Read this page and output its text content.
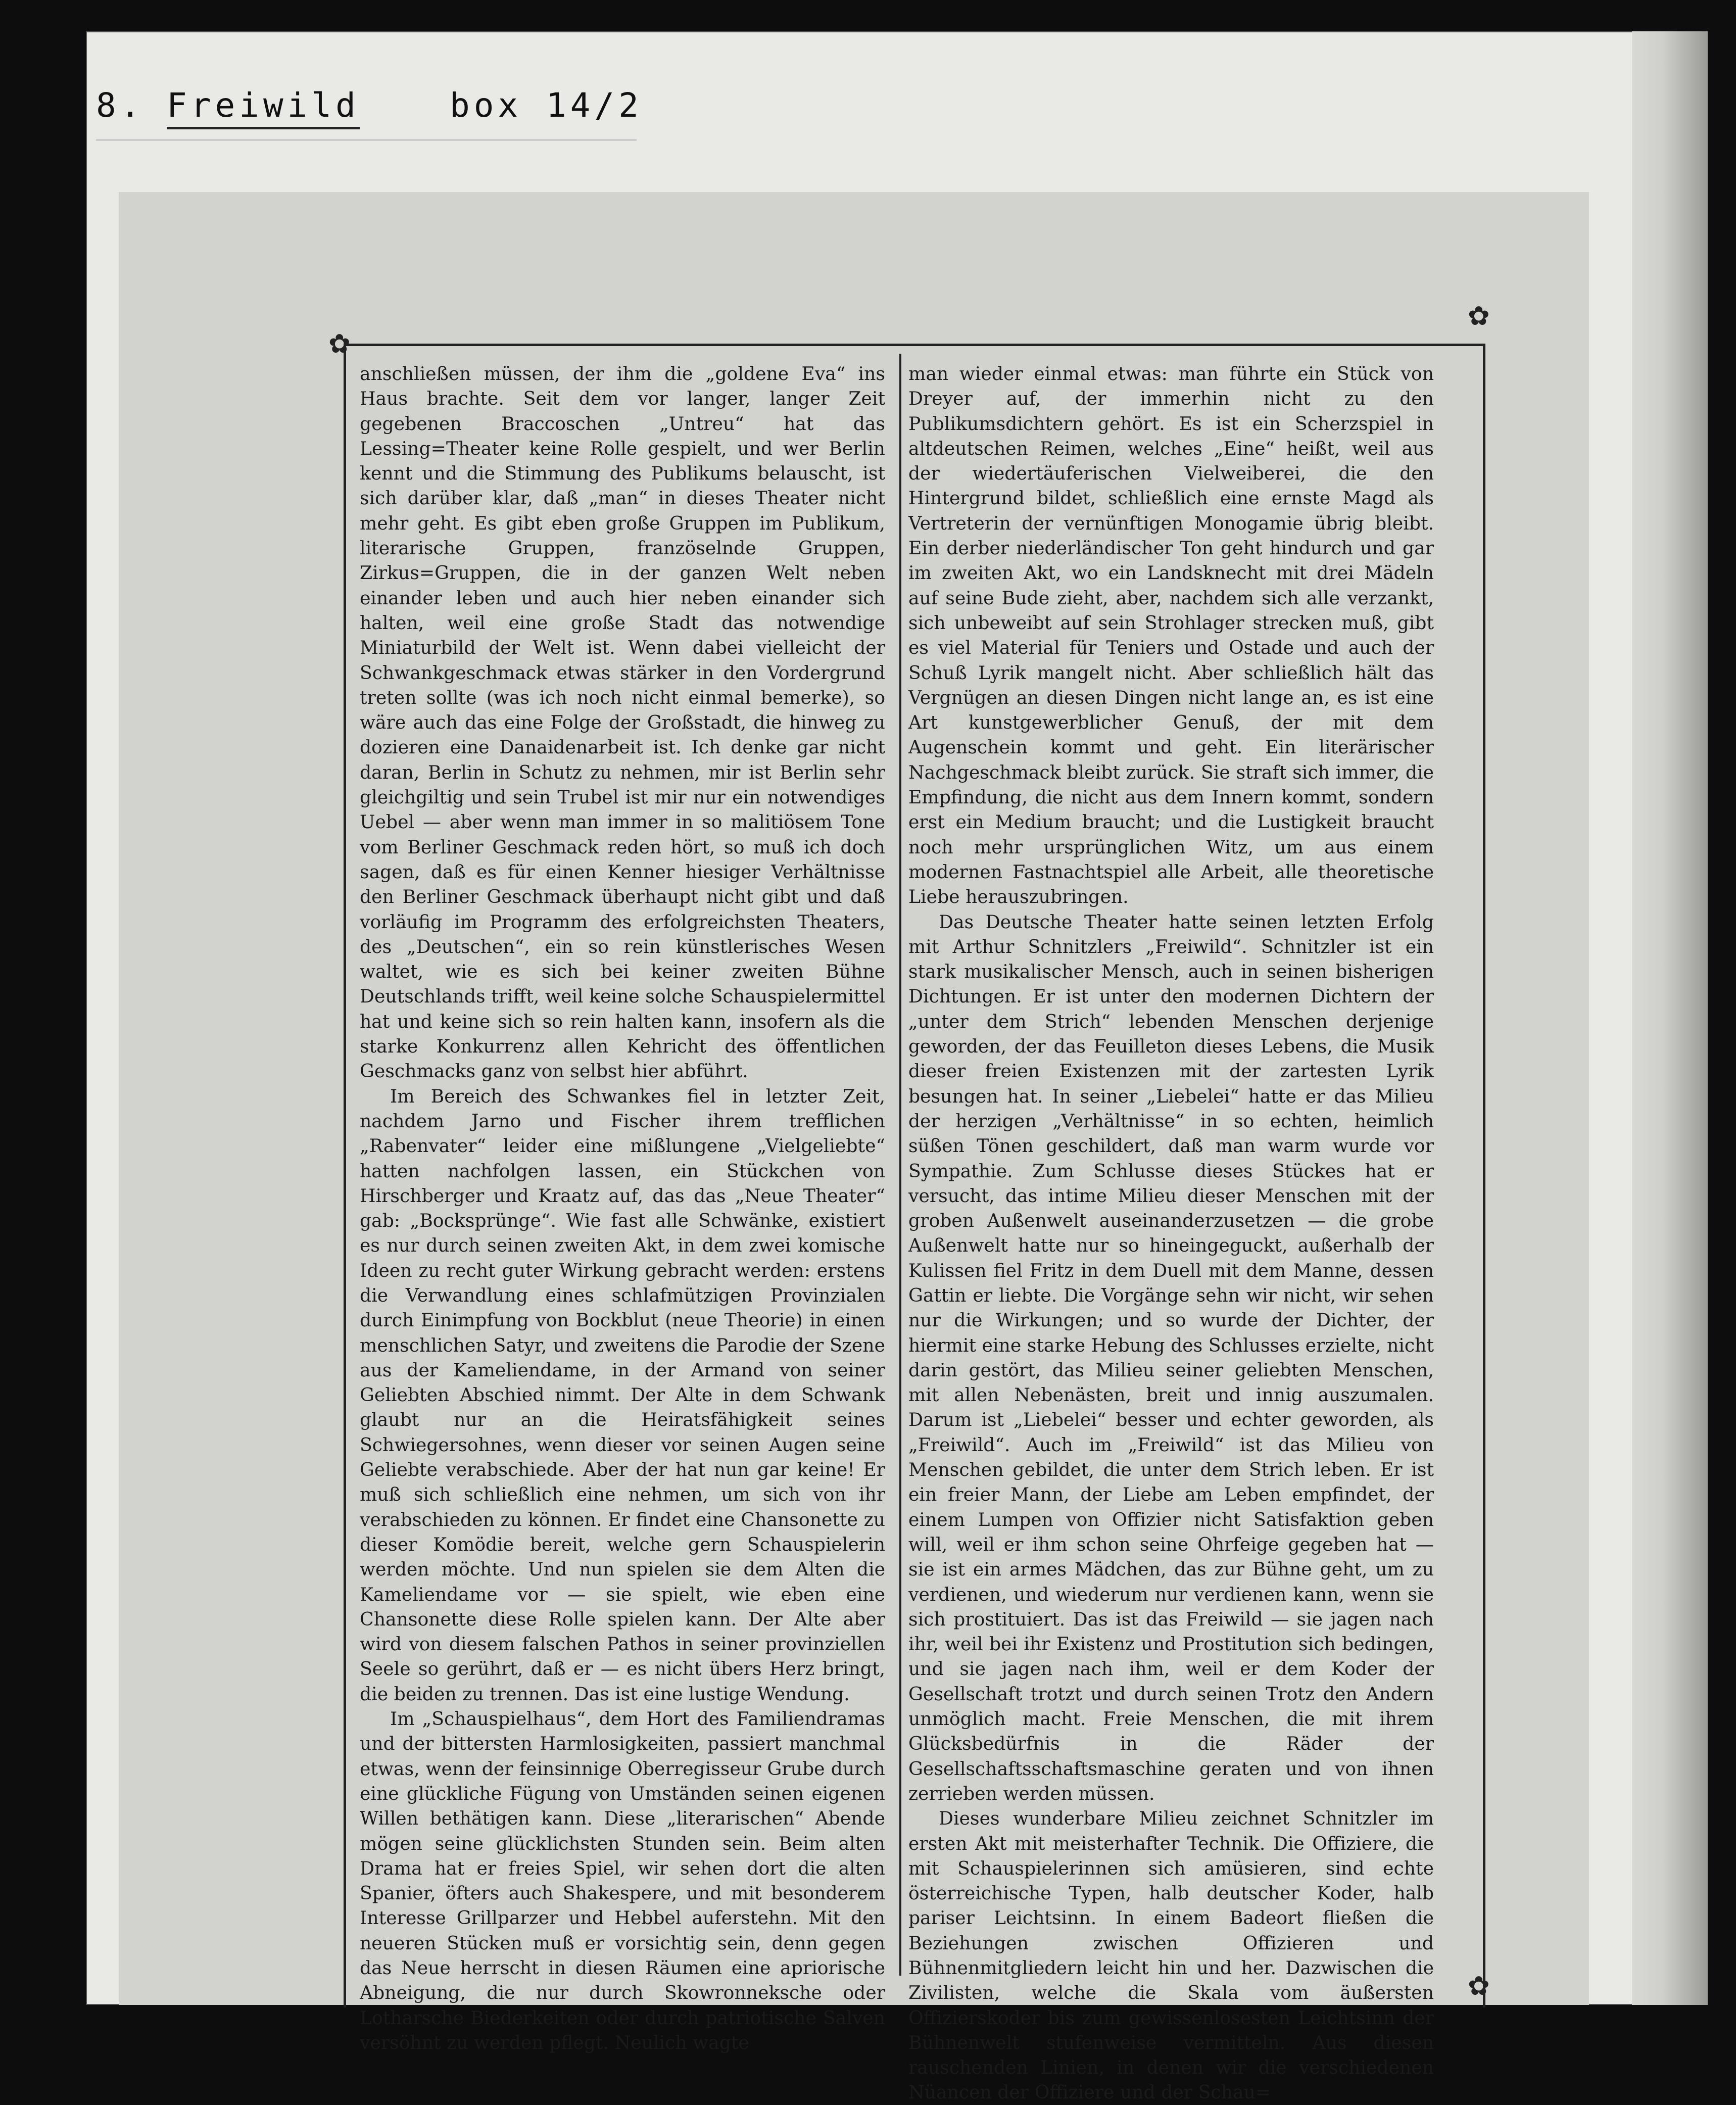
8. Freiwild	box 14/2
✿
✿
✿

anschließen müssen, der ihm die „goldene Eva“ ins Haus brachte. Seit dem vor langer, langer Zeit gegebenen Braccoschen „Untreu“ hat das Lessing=Theater keine Rolle gespielt, und wer Berlin kennt und die Stimmung des Publikums belauscht, ist sich darüber klar, daß „man“ in dieses Theater nicht mehr geht. Es gibt eben große Gruppen im Publikum, literarische Gruppen, französelnde Gruppen, Zirkus=Gruppen, die in der ganzen Welt neben einander leben und auch hier neben einander sich halten, weil eine große Stadt das notwendige Miniaturbild der Welt ist. Wenn dabei vielleicht der Schwankgeschmack etwas stärker in den Vordergrund treten sollte (was ich noch nicht einmal bemerke), so wäre auch das eine Folge der Großstadt, die hinweg zu dozieren eine Danaidenarbeit ist. Ich denke gar nicht daran, Berlin in Schutz zu nehmen, mir ist Berlin sehr gleichgiltig und sein Trubel ist mir nur ein notwendiges Uebel — aber wenn man immer in so malitiösem Tone vom Berliner Geschmack reden hört, so muß ich doch sagen, daß es für einen Kenner hiesiger Verhältnisse den Berliner Geschmack überhaupt nicht gibt und daß vorläufig im Programm des erfolgreichsten Theaters, des „Deutschen“, ein so rein künstlerisches Wesen waltet, wie es sich bei keiner zweiten Bühne Deutschlands trifft, weil keine solche Schauspielermittel hat und keine sich so rein halten kann, insofern als die starke Konkurrenz allen Kehricht des öffentlichen Geschmacks ganz von selbst hier abführt.

Im Bereich des Schwankes fiel in letzter Zeit, nachdem Jarno und Fischer ihrem trefflichen „Rabenvater“ leider eine mißlungene „Vielgeliebte“ hatten nachfolgen lassen, ein Stückchen von Hirschberger und Kraatz auf, das das „Neue Theater“ gab: „Bocksprünge“. Wie fast alle Schwänke, existiert es nur durch seinen zweiten Akt, in dem zwei komische Ideen zu recht guter Wirkung gebracht werden: erstens die Verwandlung eines schlafmützigen Provinzialen durch Einimpfung von Bockblut (neue Theorie) in einen menschlichen Satyr, und zweitens die Parodie der Szene aus der Kameliendame, in der Armand von seiner Geliebten Abschied nimmt. Der Alte in dem Schwank glaubt nur an die Heiratsfähigkeit seines Schwiegersohnes, wenn dieser vor seinen Augen seine Geliebte verabschiede. Aber der hat nun gar keine! Er muß sich schließlich eine nehmen, um sich von ihr verabschieden zu können. Er findet eine Chansonette zu dieser Komödie bereit, welche gern Schauspielerin werden möchte. Und nun spielen sie dem Alten die Kameliendame vor — sie spielt, wie eben eine Chansonette diese Rolle spielen kann. Der Alte aber wird von diesem falschen Pathos in seiner provinziellen Seele so gerührt, daß er — es nicht übers Herz bringt, die beiden zu trennen. Das ist eine lustige Wendung.

Im „Schauspielhaus“, dem Hort des Familiendramas und der bittersten Harmlosigkeiten, passiert manchmal etwas, wenn der feinsinnige Oberregisseur Grube durch eine glückliche Fügung von Umständen seinen eigenen Willen bethätigen kann. Diese „literarischen“ Abende mögen seine glücklichsten Stunden sein. Beim alten Drama hat er freies Spiel, wir sehen dort die alten Spanier, öfters auch Shakespere, und mit besonderem Interesse Grillparzer und Hebbel auferstehn. Mit den neueren Stücken muß er vorsichtig sein, denn gegen das Neue herrscht in diesen Räumen eine apriorische Abneigung, die nur durch Skowronneksche oder Lotharsche Biederkeiten oder durch patriotische Salven versöhnt zu werden pflegt. Neulich wagte

man wieder einmal etwas: man führte ein Stück von Dreyer auf, der immerhin nicht zu den Publikumsdichtern gehört. Es ist ein Scherzspiel in altdeutschen Reimen, welches „Eine“ heißt, weil aus der wiedertäuferischen Vielweiberei, die den Hintergrund bildet, schließlich eine ernste Magd als Vertreterin der vernünftigen Monogamie übrig bleibt. Ein derber niederländischer Ton geht hindurch und gar im zweiten Akt, wo ein Landsknecht mit drei Mädeln auf seine Bude zieht, aber, nachdem sich alle verzankt, sich unbeweibt auf sein Strohlager strecken muß, gibt es viel Material für Teniers und Ostade und auch der Schuß Lyrik mangelt nicht. Aber schließlich hält das Vergnügen an diesen Dingen nicht lange an, es ist eine Art kunstgewerblicher Genuß, der mit dem Augenschein kommt und geht. Ein literärischer Nachgeschmack bleibt zurück. Sie straft sich immer, die Empfindung, die nicht aus dem Innern kommt, sondern erst ein Medium braucht; und die Lustigkeit braucht noch mehr ursprünglichen Witz, um aus einem modernen Fastnachtspiel alle Arbeit, alle theoretische Liebe herauszubringen.

Das Deutsche Theater hatte seinen letzten Erfolg mit Arthur Schnitzlers „Freiwild“. Schnitzler ist ein stark musikalischer Mensch, auch in seinen bisherigen Dichtungen. Er ist unter den modernen Dichtern der „unter dem Strich“ lebenden Menschen derjenige geworden, der das Feuilleton dieses Lebens, die Musik dieser freien Existenzen mit der zartesten Lyrik besungen hat. In seiner „Liebelei“ hatte er das Milieu der herzigen „Verhältnisse“ in so echten, heimlich süßen Tönen geschildert, daß man warm wurde vor Sympathie. Zum Schlusse dieses Stückes hat er versucht, das intime Milieu dieser Menschen mit der groben Außenwelt auseinanderzusetzen — die grobe Außenwelt hatte nur so hineingeguckt, außerhalb der Kulissen fiel Fritz in dem Duell mit dem Manne, dessen Gattin er liebte. Die Vorgänge sehn wir nicht, wir sehen nur die Wirkungen; und so wurde der Dichter, der hiermit eine starke Hebung des Schlusses erzielte, nicht darin gestört, das Milieu seiner geliebten Menschen, mit allen Nebenästen, breit und innig auszumalen. Darum ist „Liebelei“ besser und echter geworden, als „Freiwild“. Auch im „Freiwild“ ist das Milieu von Menschen gebildet, die unter dem Strich leben. Er ist ein freier Mann, der Liebe am Leben empfindet, der einem Lumpen von Offizier nicht Satisfaktion geben will, weil er ihm schon seine Ohrfeige gegeben hat — sie ist ein armes Mädchen, das zur Bühne geht, um zu verdienen, und wiederum nur verdienen kann, wenn sie sich prostituiert. Das ist das Freiwild — sie jagen nach ihr, weil bei ihr Existenz und Prostitution sich bedingen, und sie jagen nach ihm, weil er dem Koder der Gesellschaft trotzt und durch seinen Trotz den Andern unmöglich macht. Freie Menschen, die mit ihrem Glücksbedürfnis in die Räder der Gesellschaftsschaftsmaschine geraten und von ihnen zerrieben werden müssen.

Dieses wunderbare Milieu zeichnet Schnitzler im ersten Akt mit meisterhafter Technik. Die Offiziere, die mit Schauspielerinnen sich amüsieren, sind echte österreichische Typen, halb deutscher Koder, halb pariser Leichtsinn. In einem Badeort fließen die Beziehungen zwischen Offizieren und Bühnenmitgliedern leicht hin und her. Dazwischen die Zivilisten, welche die Skala vom äußersten Offizierskoder bis zum gewissenlosesten Leichtsinn der Bühnenwelt stufenweise vermitteln. Aus diesen rauschenden Linien, in denen wir die verschiedenen Nüancen der Offiziere und der Schau=
